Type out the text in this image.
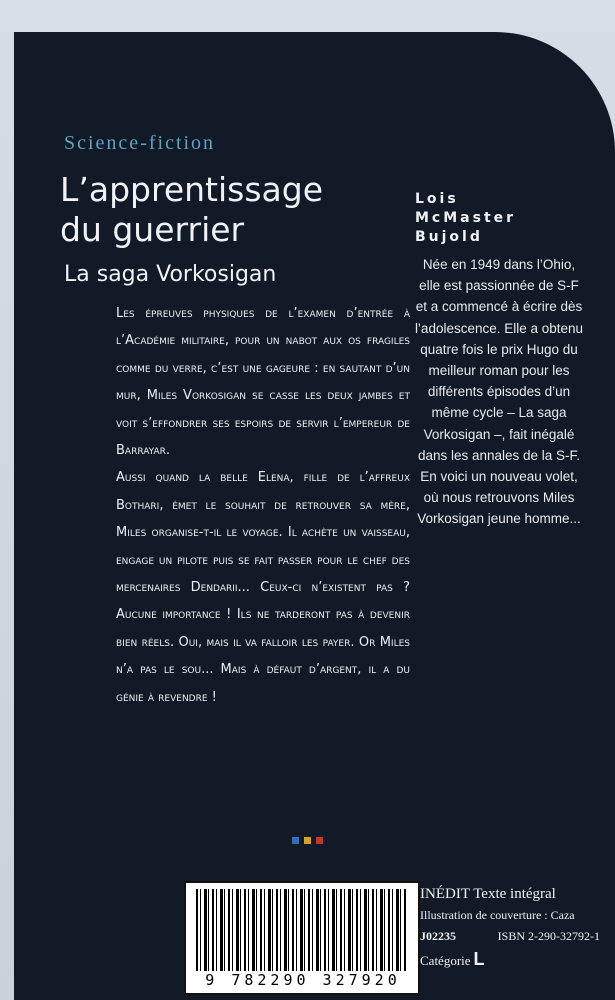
Science-fiction

L’apprentissage
du guerrier
La saga Vorkosigan
Lois
McMaster
Bujold
Née en 1949 dans l’Ohio, elle est passionnée de S-F et a commencé à écrire dès l’adolescence. Elle a obtenu quatre fois le prix Hugo du meilleur roman pour les différents épisodes d’un même cycle – La saga Vorkosigan –, fait inégalé dans les annales de la S-F. En voici un nouveau volet, où nous retrouvons Miles Vorkosigan jeune homme...

Les épreuves physiques de l’examen d’entrée à l’Académie militaire, pour un nabot aux os fragiles comme du verre, c’est une gageure : en sautant d’un mur, Miles Vorkosigan se casse les deux jambes et voit s’effondrer ses espoirs de servir l’empereur de Barrayar.

Aussi quand la belle Elena, fille de l’affreux Bothari, émet le souhait de retrouver sa mère, Miles organise-t-il le voyage. Il achète un vaisseau, engage un pilote puis se fait passer pour le chef des mercenaires Dendarii... Ceux-ci n’existent pas ? Aucune importance ! Ils ne tarderont pas à devenir bien réels. Oui, mais il va falloir les payer. Or Miles n’a pas le sou... Mais à défaut d’argent, il a du génie à revendre !

9 782290 327920
INÉDIT Texte intégral
Illustration de couverture : Caza
J02235	ISBN 2-290-32792-1
Catégorie L
